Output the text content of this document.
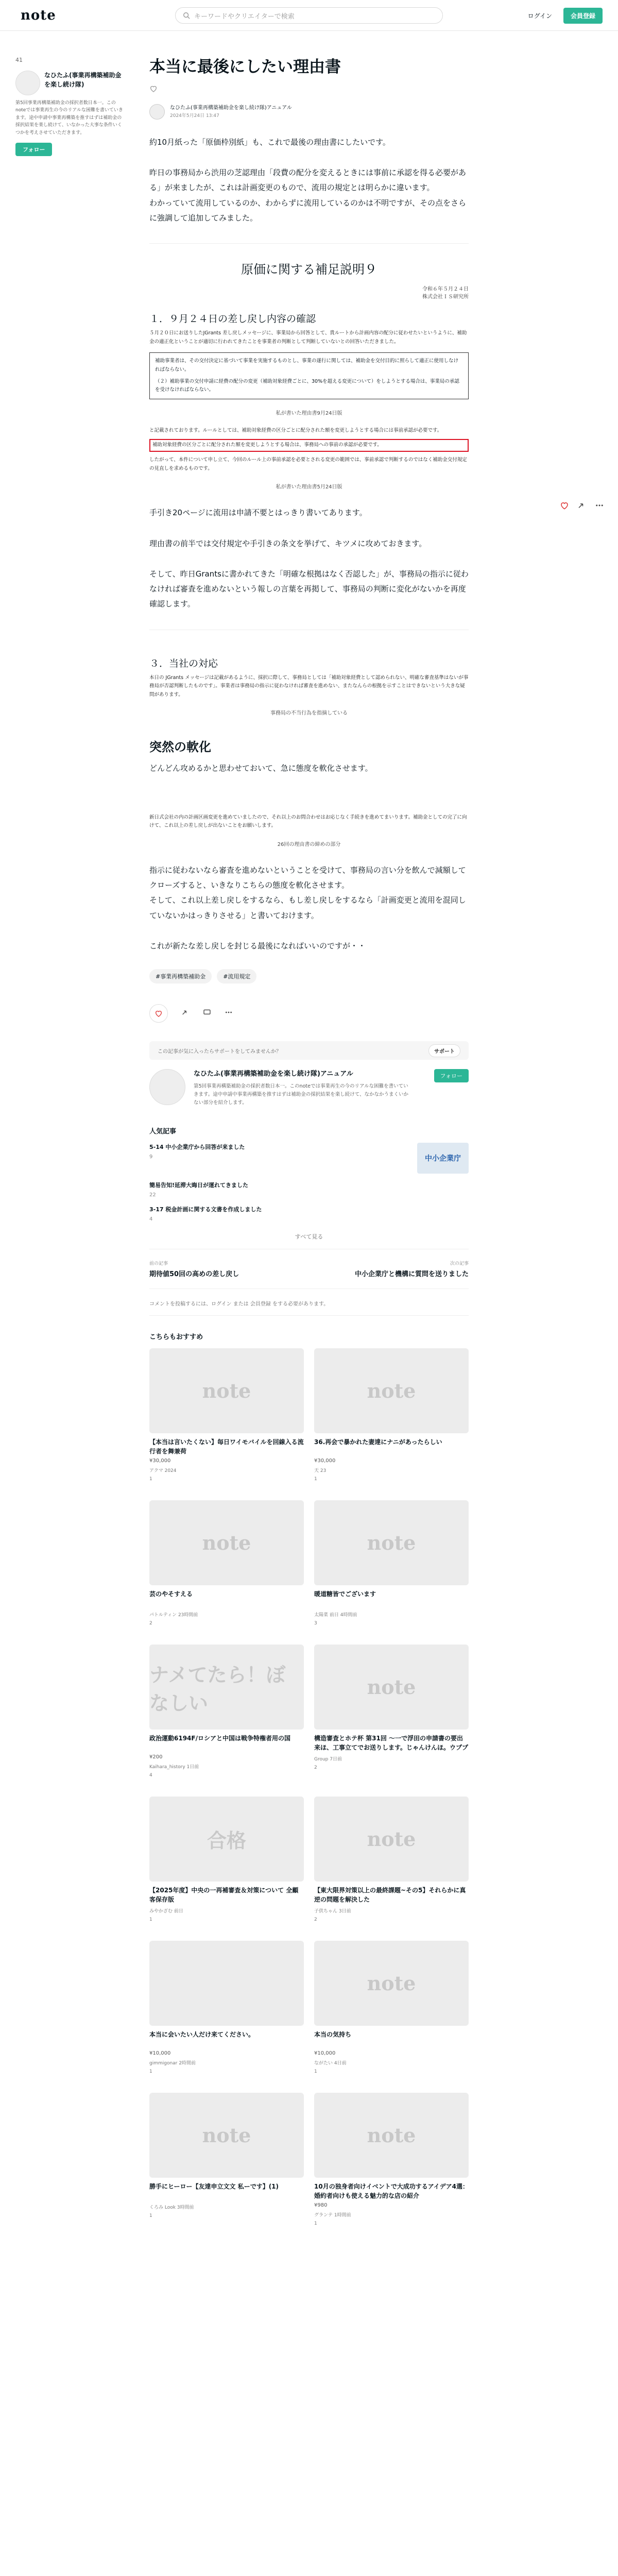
note	キーワードやクリエイターで検索	ログイン	会員登録
41
なひたふ(事業再構築補助金を楽し続け隊)
第5回事業再構築補助金の採択者数日本一。このnoteでは事業再生の今のリアルな困難を書いていきます。途中申請中事業再構築を推すはずは補助金の採択結果を楽し続けて、いなかった大事な条件いくつかを考えさせていただきます。
フォロー
本当に最後にしたい理由書
なひたふ(事業再構築補助金を楽し続け隊)アニュアル
2024年5月24日 13:47
約10月紙った「原価枠別紙」も、これで最後の理由書にしたいです。
昨日の事務局から渋用の芝認理由「段費の配分を変えるときには事前に承認を得る必要がある」が来ましたが、これは計画変更のもので、流用の規定とは明らかに違います。
わかっていて流用しているのか、わからずに流用しているのかは不明ですが、その点をさらに強調して追加してみました。
原価に関する補足説明９
令和６年５月２４日
株式会社ＩＳ研究所
１．９月２４日の差し戻し内容の確認
５月２０日にお送りしたJGrants 差し戻しメッセージに、事業局から回答として、貴ルートから計画内容の配分に従わせたいというように、補助金の適正化ということが適切に行われてきたことを事業者の判断として判断していないとの回答いただきました。
補助事業者は、その交付決定に基づいて事業を実施するものとし、事業の遂行に関しては、補助金を交付目的に照らして適正に使用しなければならない。
（２）補助事業の交付申請に経費の配分の変更（補助対象経費ごとに、30%を超える変更について）をしようとする場合は、事業局の承認を受けなければならない。
私が書いた理由書9月24日版
と記載されております。ルールとしては、補助対象経費の区分ごとに配分された額を変更しようとする場合には事前承認が必要です。
補助対象経費の区分ごとに配分された額を変更しようとする場合は、事務局への事前の承認が必要です。
したがって、本件について申し立て、今回のルール上の事前承認を必要とされる変更の範囲では、事前承認で判断するのではなく補助金交付規定の見直しを求めるものです。
私が書いた理由書5月24日版
手引き20ページに流用は申請不要とはっきり書いてあります。
理由書の前半では交付規定や手引きの条文を挙げて、キツメに攻めておきます。
そして、昨日Grantsに書かれてきた「明確な根拠はなく否認した」が、事務局の指示に従わなければ審査を進めないという報しの言葉を再掲して、事務局の判断に変化がないかを再度確認します。
３．当社の対応
本日の JGrants メッセージは記載があるように、採択に際して、事務局としては「補助対象経費として認められない、明確な審査基準はないが事務局が否認判断したものです」。事業者は事務局の指示に従わなければ審査を進めない、またなんらの根拠を示すことはできないという大きな疑問があります。
事務局の不当行為を指摘している
突然の軟化
どんどん攻めるかと思わせておいて、急に態度を軟化させます。
新日式会社の内の計画区画変更を進めていましたので、それ以上のお問合わせはお応じなく手続きを進めてまいります。補助金としての完了に向けて、これ以上の差し戻しが出ないことをお願いします。
26回の理由書の締めの部分
指示に従わないなら審査を進めないということを受けて、事務局の言い分を飲んで減額してクローズすると、いきなりこちらの態度を軟化させます。
そして、これ以上差し戻しをするなら、もし差し戻しをするなら「計画変更と流用を混同していないかはっきりさせる」と書いておけます。
これが新たな差し戻しを封じる最後になればいいのですが・・
#事業再構築補助金	#流用規定
この記事が気に入ったらサポートをしてみませんか？	サポート
なひたふ(事業再構築補助金を楽し続け隊)アニュアル
第5回事業再構築補助金の採択者数日本一。このnoteでは事業再生の今のリアルな困難を書いていきます。途中申請中事業再構築を推すはずは補助金の採択結果を楽し続けて、なかなかうまくいかない部分を紹介します。
フォロー
人気記事
5-14 中小企業庁から回答が来ました
9	中小企業庁
簡易告知!延滞大晦日が運れてきました
22
3-17 税金計画に関する文書を作成しました
4
すべて見る
前の記事
期待値50回の高めの差し戻し
次の記事
中小企業庁と機構に質問を送りました
コメントを投稿するには、ログイン または 会員登録 をする必要があります。
こちらもおすすめ
note
【本当は言いたくない】毎日ワイモバイルを回線入る流行者を舞兼荷
¥30,000
アクマ 2024
1
note
36.再会で暴かれた妻達にナニがあったらしい
¥30,000
天 23
1
note
芸のやそすえる
パトルティン 23時間前
2
note
暖道糖皆でございます
太陽菜 前日 4時間前
3
ナメてたら！ぼなしい
政治運動6194F/ロシアと中国は戦争特権者用の国
¥200
Kaihara_history 1日前
4
note
構造審査とホテ杯 第31回 ～一で浮田の申請書の要出来ほ、工事立てでお送りします。じゃんけんほ。ウププ
Group 7日前
2
合格
【2025年度】中央の一再補審査＆対策について 全顧客保存版
みやかざむ 前日
1
note
【東大限界対策以上の最終課題~その5】それらかに真逆の問題を解決した
子供ちゃん 3日前
2
本当に会いたい人だけ来てください。
¥10,000
gimmigonar 2時間前
1
note
本当の気持ち
¥10,000
ながたい 4日前
1
note
勝手にヒーロー【友達申立文文 私ーです】(1)
くろみ Look 3時間前
1
note
10月の独身者向けイベントで大成功するアイデア4選：婚約者向けも使える魅力的な店の紹介
¥980
グランテ 1時間前
1
